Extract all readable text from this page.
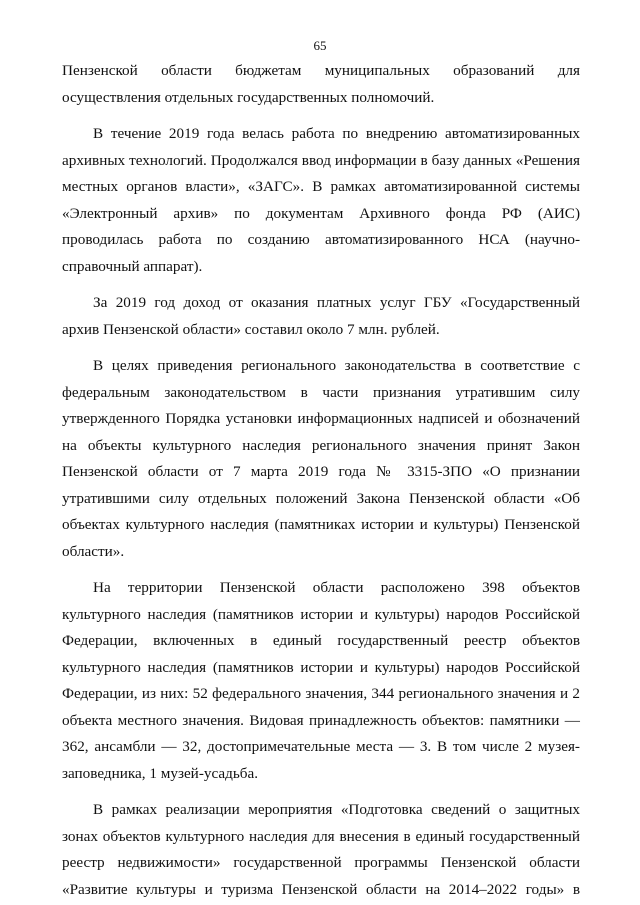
65

Пензенской области бюджетам муниципальных образований для осуществления отдельных государственных полномочий.

В течение 2019 года велась работа по внедрению автоматизированных архивных технологий. Продолжался ввод информации в базу данных «Решения местных органов власти», «ЗАГС». В рамках автоматизированной системы «Электронный архив» по документам Архивного фонда РФ (АИС) проводилась работа по созданию автоматизированного НСА (научно-справочный аппарат).

За 2019 год доход от оказания платных услуг ГБУ «Государственный архив Пензенской области» составил около 7 млн. рублей.

В целях приведения регионального законодательства в соответствие с федеральным законодательством в части признания утратившим силу утвержденного Порядка установки информационных надписей и обозначений на объекты культурного наследия регионального значения принят Закон Пензенской области от 7 марта 2019 года № 3315-ЗПО «О признании утратившими силу отдельных положений Закона Пензенской области «Об объектах культурного наследия (памятниках истории и культуры) Пензенской области».

На территории Пензенской области расположено 398 объектов культурного наследия (памятников истории и культуры) народов Российской Федерации, включенных в единый государственный реестр объектов культурного наследия (памятников истории и культуры) народов Российской Федерации, из них: 52 федерального значения, 344 регионального значения и 2 объекта местного значения. Видовая принадлежность объектов: памятники — 362, ансамбли — 32, достопримечательные места — 3. В том числе 2 музея-заповедника, 1 музей-усадьба.

В рамках реализации мероприятия «Подготовка сведений о защитных зонах объектов культурного наследия для внесения в единый государственный реестр недвижимости» государственной программы Пензенской области «Развитие культуры и туризма Пензенской области на 2014–2022 годы» в
